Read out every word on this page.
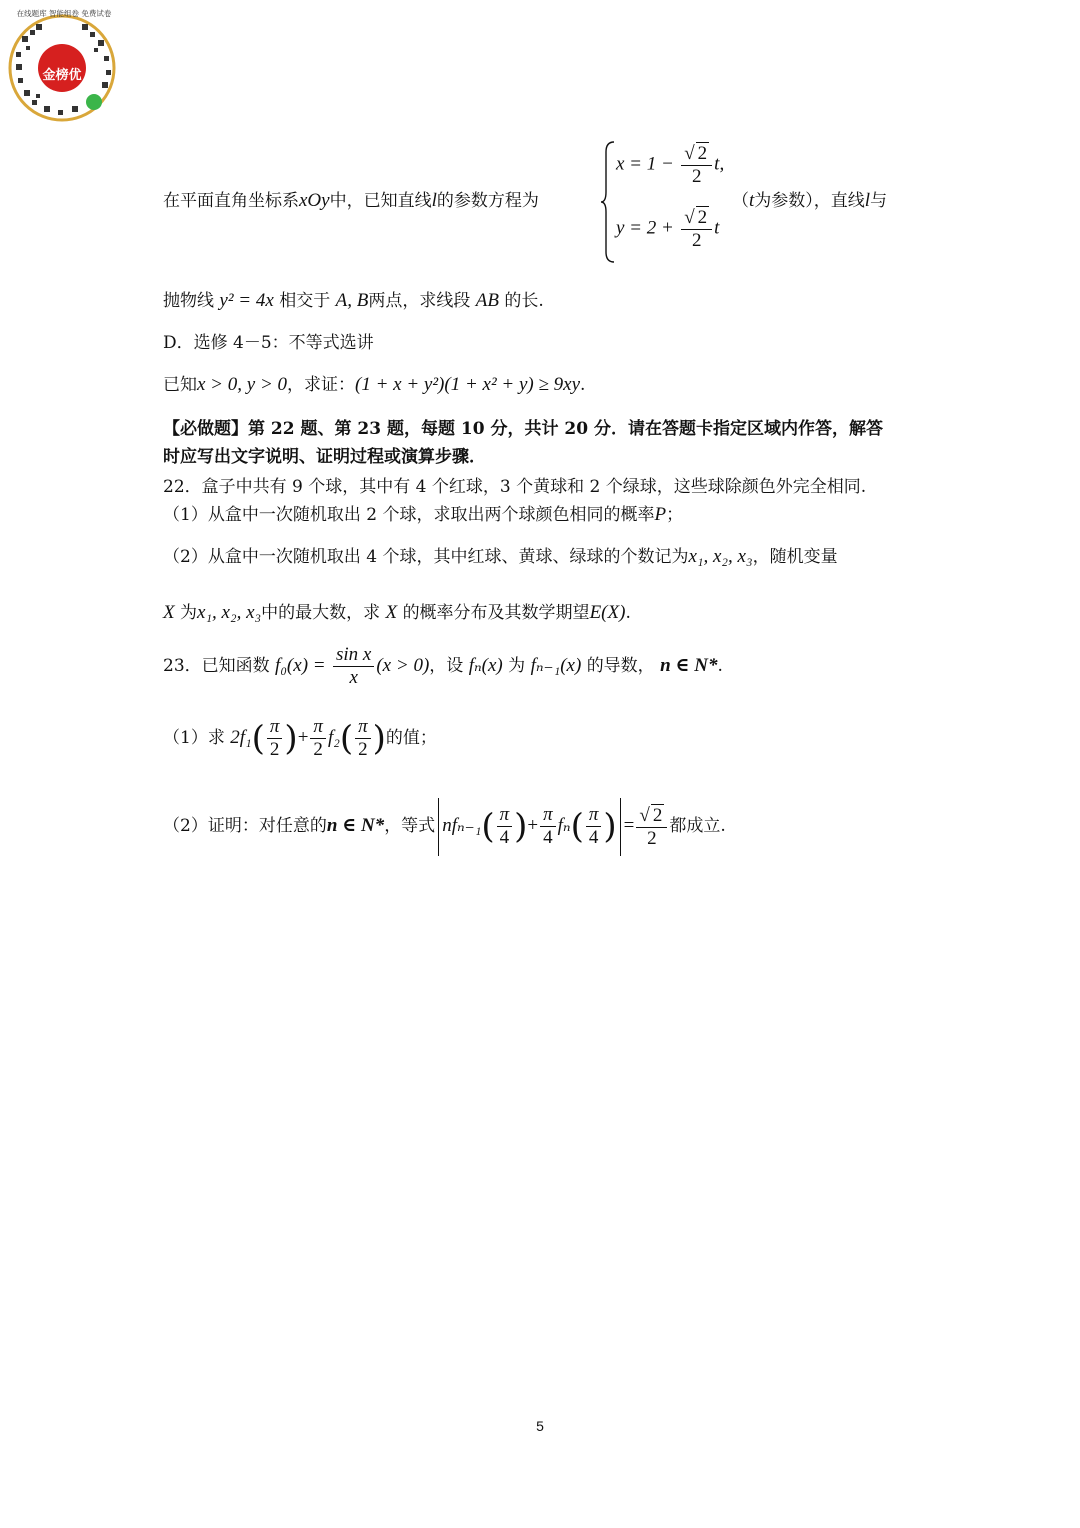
金榜优
在线题库 智能组卷 免费试卷
在平面直角坐标系xOy中，已知直线l的参数方程为
$x = 1 - \frac{√ 2}{2} t$,
$y = 2 + \frac{√ 2}{2}$ t
（t为参数），直线l与
抛物线 y² = 4x 相交于 A, B两点，求线段 AB 的长.
D．选修 4－5：不等式选讲
已知x > 0, y > 0，求证：(1 + x + y²)(1 + x² + y) ≥ 9xy.
【必做题】第 22 题、第 23 题，每题 10 分，共计 20 分．请在答题卡指定区域内作答，解答
时应写出文字说明、证明过程或演算步骤．
22．盒子中共有 9 个球，其中有 4 个红球，3 个黄球和 2 个绿球，这些球除颜色外完全相同.
（1）从盒中一次随机取出 2 个球，求取出两个球颜色相同的概率P；
（2）从盒中一次随机取出 4 个球，其中红球、黄球、绿球的个数记为x₁, x₂, x₃，随机变量
X 为x₁, x₂, x₃中的最大数，求 X 的概率分布及其数学期望E(X).
23．已知函数 $f_0(x) = \frac{\text{sin x}}{x} (x > 0)$，设 fₙ(x) 为 fₙ₋₁(x) 的导数， n ∈ N*.
（1）求 $2f_1( \frac{\pi}{2}$ )+ $\frac{\pi}{2} f_2( \frac{\pi}{2}$ )的值；
（2）证明：对任意的n ∈ N*，等式 $nf_{n-1}( \frac{\pi}{4}$ )+ $\frac{\pi}{4} f_n( \frac{\pi}{4}$ ) = $\frac{√ 2}{2}$ 都成立.
5
